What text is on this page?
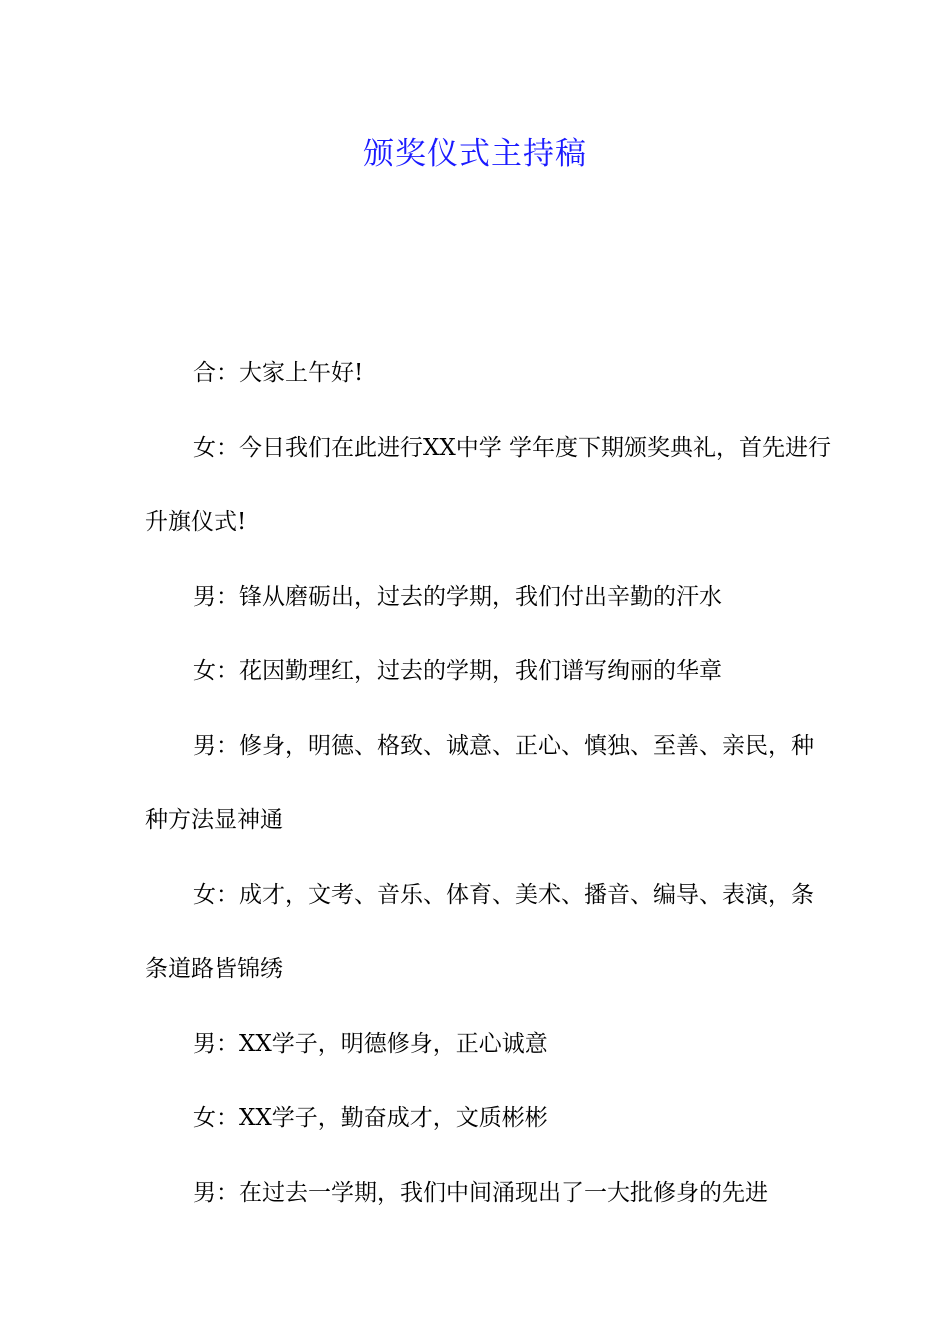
颁奖仪式主持稿

合：大家上午好!

女：今日我们在此进行XX中学 学年度下期颁奖典礼，首先进行升旗仪式!

男：锋从磨砺出，过去的学期，我们付出辛勤的汗水

女：花因勤理红，过去的学期，我们谱写绚丽的华章

男：修身，明德、格致、诚意、正心、慎独、至善、亲民，种种方法显神通

女：成才，文考、音乐、体育、美术、播音、编导、表演，条条道路皆锦绣

男：XX学子，明德修身，正心诚意

女：XX学子，勤奋成才，文质彬彬

男：在过去一学期，我们中间涌现出了一大批修身的先进
